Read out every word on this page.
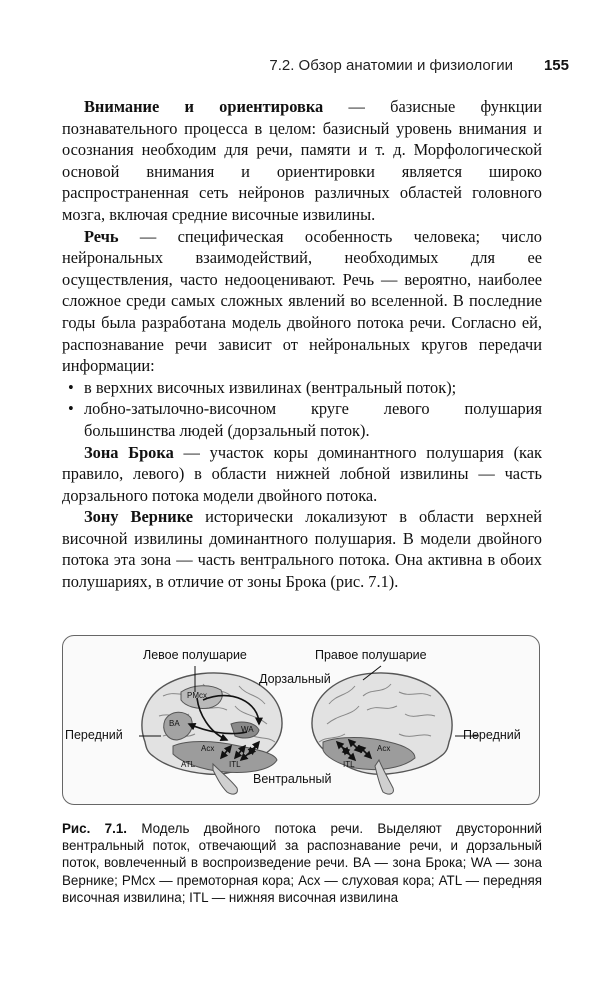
7.2. Обзор анатомии и физиологии 155

Внимание и ориентировка — базисные функции познавательного процесса в целом: базисный уровень внимания и осознания необходим для речи, памяти и т. д. Морфологической основой внимания и ориентировки является широко распространенная сеть нейронов различных областей головного мозга, включая средние височные извилины.

Речь — специфическая особенность человека; число нейрональных взаимодействий, необходимых для ее осуществления, часто недооценивают. Речь — вероятно, наиболее сложное среди самых сложных явлений во вселенной. В последние годы была разработана модель двойного потока речи. Согласно ей, распознавание речи зависит от нейрональных кругов передачи информации:

• в верхних височных извилинах (вентральный поток);
• лобно-затылочно-височном круге левого полушария большинства людей (дорзальный поток).

Зона Брока — участок коры доминантного полушария (как правило, левого) в области нижней лобной извилины — часть дорзального потока модели двойного потока.

Зону Вернике исторически локализуют в области верхней височной извилины доминантного полушария. В модели двойного потока эта зона — часть вентрального потока. Она активна в обоих полушариях, в отличие от зоны Брока (рис. 7.1).

Левое полушарие	Правое полушарие
Дорзальный
Вентральный
Передний	Передний
PMcx
BA
WA
Acx
ATL	ITL
Acx
ITL
Рис. 7.1. Модель двойного потока речи. Выделяют двусторонний вентральный поток, отвечающий за распознавание речи, и дорзальный поток, вовлеченный в воспроизведение речи. BA — зона Брока; WA — зона Вернике; PMcx — премоторная кора; Acx — слуховая кора; ATL — передняя височная извилина; ITL — нижняя височная извилина
